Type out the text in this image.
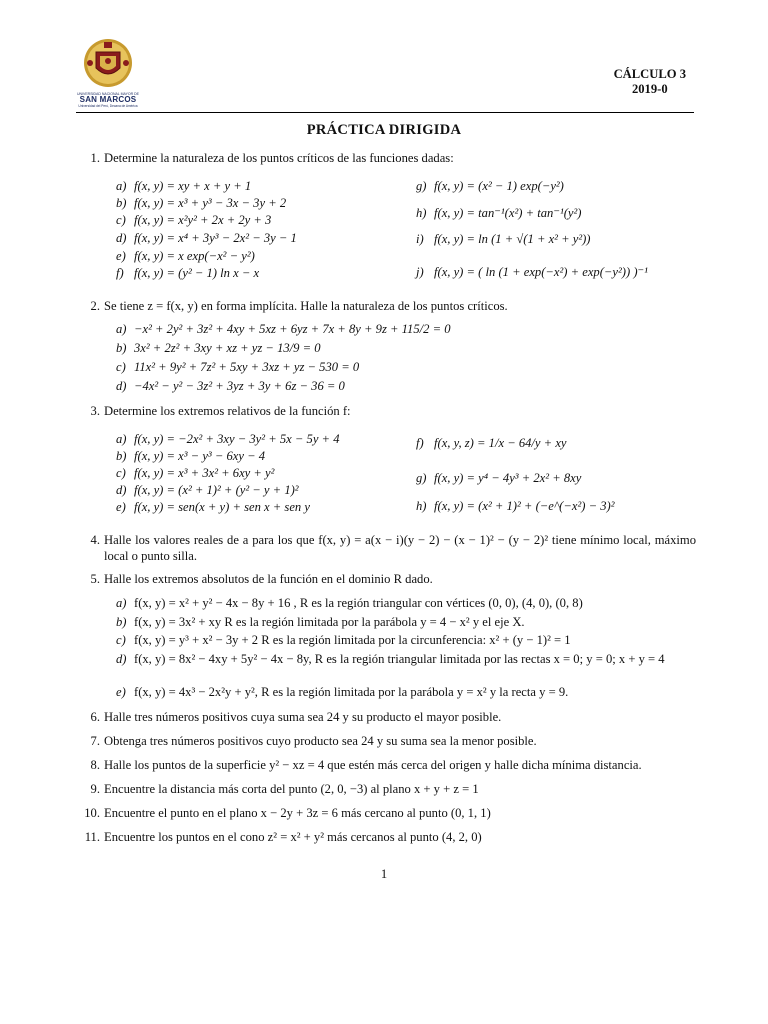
UNIVERSIDAD NACIONAL MAYOR DE
SAN MARCOS
Universidad del Perú, Decana de América
CÁLCULO 3
2019-0
PRÁCTICA DIRIGIDA
1. Determine la naturaleza de los puntos críticos de las funciones dadas:
a) f(x, y) = xy + x + y + 1
b) f(x, y) = x³ + y³ − 3x − 3y + 2
c) f(x, y) = x²y² + 2x + 2y + 3
d) f(x, y) = x⁴ + 3y³ − 2x² − 3y − 1
e) f(x, y) = x exp(−x² − y²)
f) f(x, y) = (y² − 1) ln x − x
g) f(x, y) = (x² − 1) exp(−y²)
h) f(x, y) = tan⁻¹(x²) + tan⁻¹(y²)
i) f(x, y) = ln (1 + √(1 + x² + y²))
j) f(x, y) = ( ln (1 + exp(−x²) + exp(−y²)) )⁻¹
2. Se tiene z = f(x, y) en forma implícita. Halle la naturaleza de los puntos críticos.
a) −x² + 2y² + 3z² + 4xy + 5xz + 6yz + 7x + 8y + 9z + 115/2 = 0
b) 3x² + 2z² + 3xy + xz + yz − 13/9 = 0
c) 11x² + 9y² + 7z² + 5xy + 3xz + yz − 530 = 0
d) −4x² − y² − 3z² + 3yz + 3y + 6z − 36 = 0
3. Determine los extremos relativos de la función f:
a) f(x, y) = −2x² + 3xy − 3y² + 5x − 5y + 4
b) f(x, y) = x³ − y³ − 6xy − 4
c) f(x, y) = x³ + 3x² + 6xy + y²
d) f(x, y) = (x² + 1)² + (y² − y + 1)²
e) f(x, y) = sen(x + y) + sen x + sen y
f) f(x, y, z) = 1/x − 64/y + xy
g) f(x, y) = y⁴ − 4y³ + 2x² + 8xy
h) f(x, y) = (x² + 1)² + (−e^(−x²) − 3)²
4. Halle los valores reales de a para los que f(x, y) = a(x − i)(y − 2) − (x − 1)² − (y − 2)² tiene mínimo local, máximo local o punto silla.
5. Halle los extremos absolutos de la función en el dominio R dado.
a) f(x, y) = x² + y² − 4x − 8y + 16 , R es la región triangular con vértices (0, 0), (4, 0), (0, 8)
b) f(x, y) = 3x² + xy R es la región limitada por la parábola y = 4 − x² y el eje X.
c) f(x, y) = y³ + x² − 3y + 2 R es la región limitada por la circunferencia: x² + (y − 1)² = 1
d) f(x, y) = 8x² − 4xy + 5y² − 4x − 8y, R es la región triangular limitada por las rectas x = 0; y = 0; x + y = 4
e) f(x, y) = 4x³ − 2x²y + y², R es la región limitada por la parábola y = x² y la recta y = 9.
6. Halle tres números positivos cuya suma sea 24 y su producto el mayor posible.
7. Obtenga tres números positivos cuyo producto sea 24 y su suma sea la menor posible.
8. Halle los puntos de la superficie y² − xz = 4 que estén más cerca del origen y halle dicha mínima distancia.
9. Encuentre la distancia más corta del punto (2, 0, −3) al plano x + y + z = 1
10. Encuentre el punto en el plano x − 2y + 3z = 6 más cercano al punto (0, 1, 1)
11. Encuentre los puntos en el cono z² = x² + y² más cercanos al punto (4, 2, 0)
1
